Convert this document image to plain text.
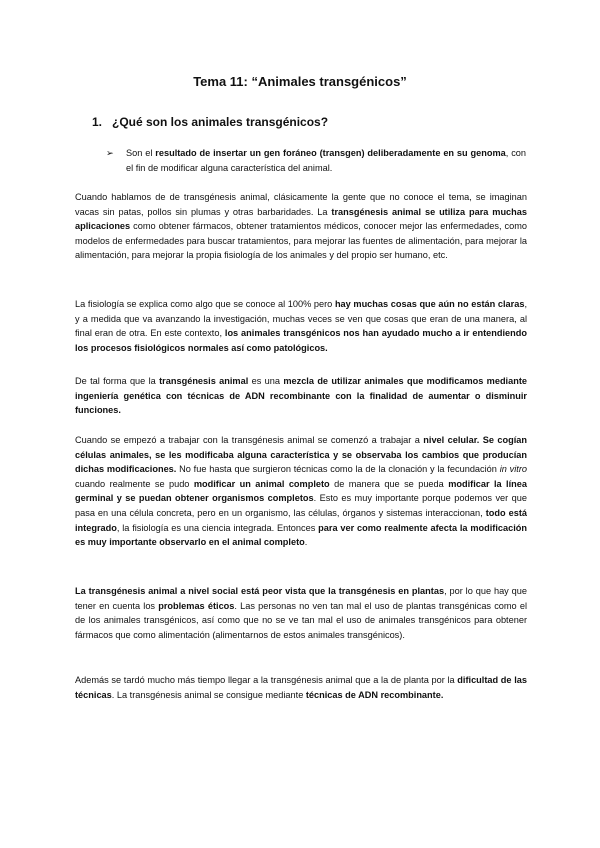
Tema 11: “Animales transgénicos”
1. ¿Qué son los animales transgénicos?

➢	Son el resultado de insertar un gen foráneo (transgen) deliberadamente en su genoma, con el fin de modificar alguna característica del animal.

Cuando hablamos de de transgénesis animal, clásicamente la gente que no conoce el tema, se imaginan vacas sin patas, pollos sin plumas y otras barbaridades. La transgénesis animal se utiliza para muchas aplicaciones como obtener fármacos, obtener tratamientos médicos, conocer mejor las enfermedades, como modelos de enfermedades para buscar tratamientos, para mejorar las fuentes de alimentación, para mejorar la alimentación, para mejorar la propia fisiología de los animales y del propio ser humano, etc.

La fisiología se explica como algo que se conoce al 100% pero hay muchas cosas que aún no están claras, y a medida que va avanzando la investigación, muchas veces se ven que cosas que eran de una manera, al final eran de otra. En este contexto, los animales transgénicos nos han ayudado mucho a ir entendiendo los procesos fisiológicos normales así como patológicos.

De tal forma que la transgénesis animal es una mezcla de utilizar animales que modificamos mediante ingeniería genética con técnicas de ADN recombinante con la finalidad de aumentar o disminuir funciones.

Cuando se empezó a trabajar con la transgénesis animal se comenzó a trabajar a nivel celular. Se cogían células animales, se les modificaba alguna característica y se observaba los cambios que producían dichas modificaciones. No fue hasta que surgieron técnicas como la de la clonación y la fecundación in vitro cuando realmente se pudo modificar un animal completo de manera que se pueda modificar la línea germinal y se puedan obtener organismos completos. Esto es muy importante porque podemos ver que pasa en una célula concreta, pero en un organismo, las células, órganos y sistemas interaccionan, todo está integrado, la fisiología es una ciencia integrada. Entonces para ver como realmente afecta la modificación es muy importante observarlo en el animal completo.

La transgénesis animal a nivel social está peor vista que la transgénesis en plantas, por lo que hay que tener en cuenta los problemas éticos. Las personas no ven tan mal el uso de plantas transgénicas como el de los animales transgénicos, así como que no se ve tan mal el uso de animales transgénicos para obtener fármacos que como alimentación (alimentarnos de estos animales transgénicos).

Además se tardó mucho más tiempo llegar a la transgénesis animal que a la de planta por la dificultad de las técnicas. La transgénesis animal se consigue mediante técnicas de ADN recombinante.
